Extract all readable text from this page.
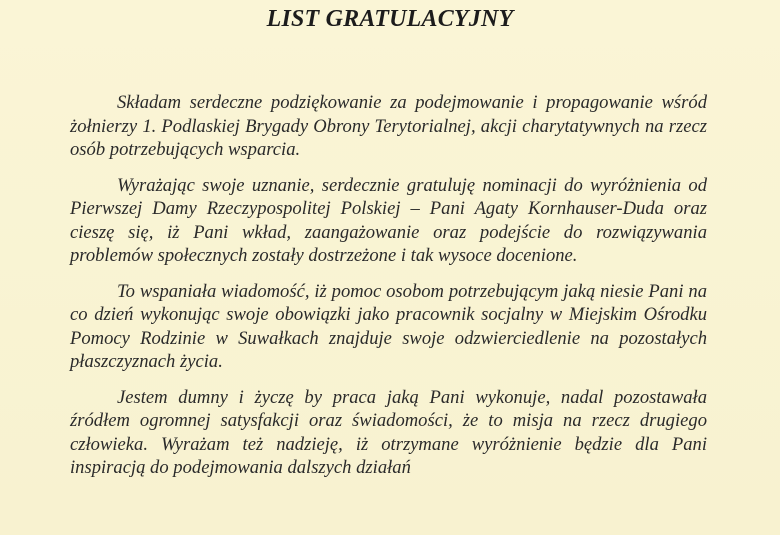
LIST GRATULACYJNY

Składam serdeczne podziękowanie za podejmowanie i propagowanie wśród żołnierzy 1. Podlaskiej Brygady Obrony Terytorialnej, akcji charytatywnych na rzecz osób potrzebujących wsparcia.

Wyrażając swoje uznanie, serdecznie gratuluję nominacji do wyróżnienia od Pierwszej Damy Rzeczypospolitej Polskiej – Pani Agaty Kornhauser-Duda oraz cieszę się, iż Pani wkład, zaangażowanie oraz podejście do rozwiązywania problemów społecznych zostały dostrzeżone i tak wysoce docenione.

To wspaniała wiadomość, iż pomoc osobom potrzebującym jaką niesie Pani na co dzień wykonując swoje obowiązki jako pracownik socjalny w Miejskim Ośrodku Pomocy Rodzinie w Suwałkach znajduje swoje odzwierciedlenie na pozostałych płaszczyznach życia.

Jestem dumny i życzę by praca jaką Pani wykonuje, nadal pozostawała źródłem ogromnej satysfakcji oraz świadomości, że to misja na rzecz drugiego człowieka. Wyrażam też nadzieję, iż otrzymane wyróżnienie będzie dla Pani inspiracją do podejmowania dalszych działań
